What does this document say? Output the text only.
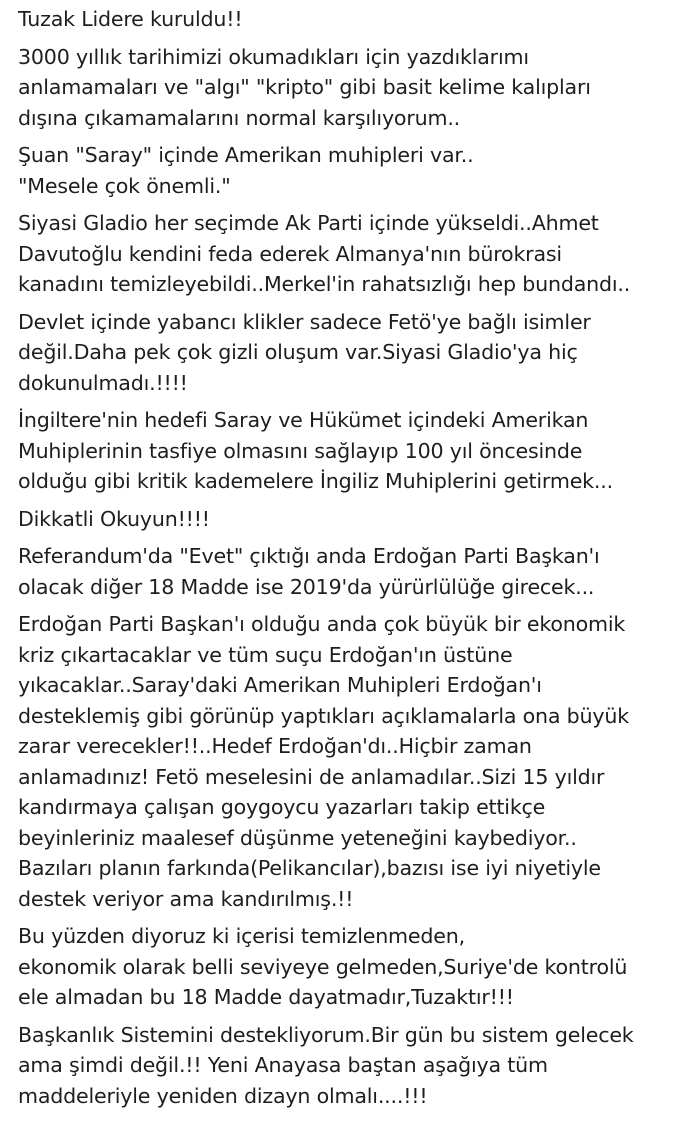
Tuzak Lidere kuruldu!!

3000 yıllık tarihimizi okumadıkları için yazdıklarımı
anlamamaları ve "algı" "kripto" gibi basit kelime kalıpları
dışına çıkamamalarını normal karşılıyorum..

Şuan "Saray" içinde Amerikan muhipleri var..
"Mesele çok önemli."

Siyasi Gladio her seçimde Ak Parti içinde yükseldi..Ahmet
Davutoğlu kendini feda ederek Almanya'nın bürokrasi
kanadını temizleyebildi..Merkel'in rahatsızlığı hep bundandı..

Devlet içinde yabancı klikler sadece Fetö'ye bağlı isimler
değil.Daha pek çok gizli oluşum var.Siyasi Gladio'ya hiç
dokunulmadı.!!!!

İngiltere'nin hedefi Saray ve Hükümet içindeki Amerikan
Muhiplerinin tasfiye olmasını sağlayıp 100 yıl öncesinde
olduğu gibi kritik kademelere İngiliz Muhiplerini getirmek...

Dikkatli Okuyun!!!!

Referandum'da "Evet" çıktığı anda Erdoğan Parti Başkan'ı
olacak diğer 18 Madde ise 2019'da yürürlülüğe girecek...

Erdoğan Parti Başkan'ı olduğu anda çok büyük bir ekonomik
kriz çıkartacaklar ve tüm suçu Erdoğan'ın üstüne
yıkacaklar..Saray'daki Amerikan Muhipleri Erdoğan'ı
desteklemiş gibi görünüp yaptıkları açıklamalarla ona büyük
zarar verecekler!!..Hedef Erdoğan'dı..Hiçbir zaman
anlamadınız! Fetö meselesini de anlamadılar..Sizi 15 yıldır
kandırmaya çalışan goygoycu yazarları takip ettikçe
beyinleriniz maalesef düşünme yeteneğini kaybediyor..
Bazıları planın farkında(Pelikancılar),bazısı ise iyi niyetiyle
destek veriyor ama kandırılmış.!!

Bu yüzden diyoruz ki içerisi temizlenmeden,
ekonomik olarak belli seviyeye gelmeden,Suriye'de kontrolü
ele almadan bu 18 Madde dayatmadır,Tuzaktır!!!

Başkanlık Sistemini destekliyorum.Bir gün bu sistem gelecek
ama şimdi değil.!! Yeni Anayasa baştan aşağıya tüm
maddeleriyle yeniden dizayn olmalı....!!!
